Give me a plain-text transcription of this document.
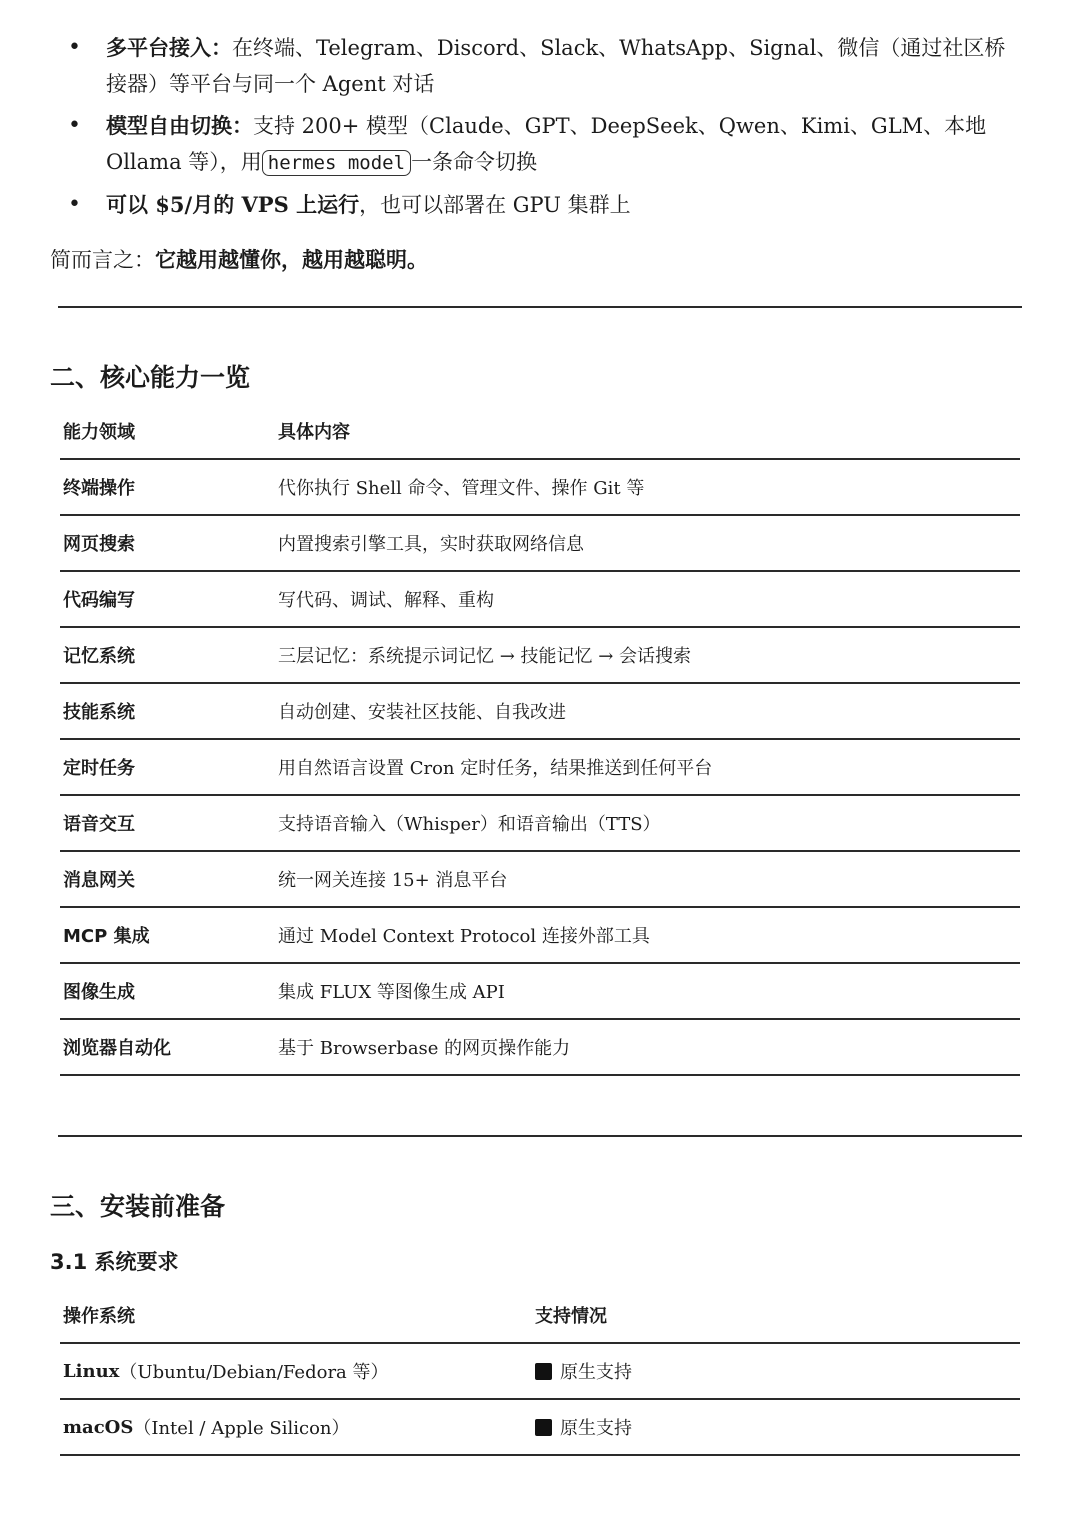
• 多平台接入：在终端、Telegram、Discord、Slack、WhatsApp、Signal、微信（通过社区桥接器）等平台与同一个 Agent 对话
• 模型自由切换：支持 200+ 模型（Claude、GPT、DeepSeek、Qwen、Kimi、GLM、本地 Ollama 等），用 hermes model 一条命令切换
• 可以 $5/月的 VPS 上运行，也可以部署在 GPU 集群上
简而言之：它越用越懂你，越用越聪明。
二、核心能力一览
能力领域	具体内容
终端操作	代你执行 Shell 命令、管理文件、操作 Git 等
网页搜索	内置搜索引擎工具，实时获取网络信息
代码编写	写代码、调试、解释、重构
记忆系统	三层记忆：系统提示词记忆 → 技能记忆 → 会话搜索
技能系统	自动创建、安装社区技能、自我改进
定时任务	用自然语言设置 Cron 定时任务，结果推送到任何平台
语音交互	支持语音输入（Whisper）和语音输出（TTS）
消息网关	统一网关连接 15+ 消息平台
MCP 集成	通过 Model Context Protocol 连接外部工具
图像生成	集成 FLUX 等图像生成 API
浏览器自动化	基于 Browserbase 的网页操作能力
三、安装前准备
3.1 系统要求
操作系统	支持情况
Linux （Ubuntu/Debian/Fedora 等）	原生支持
macOS （Intel / Apple Silicon）	原生支持
